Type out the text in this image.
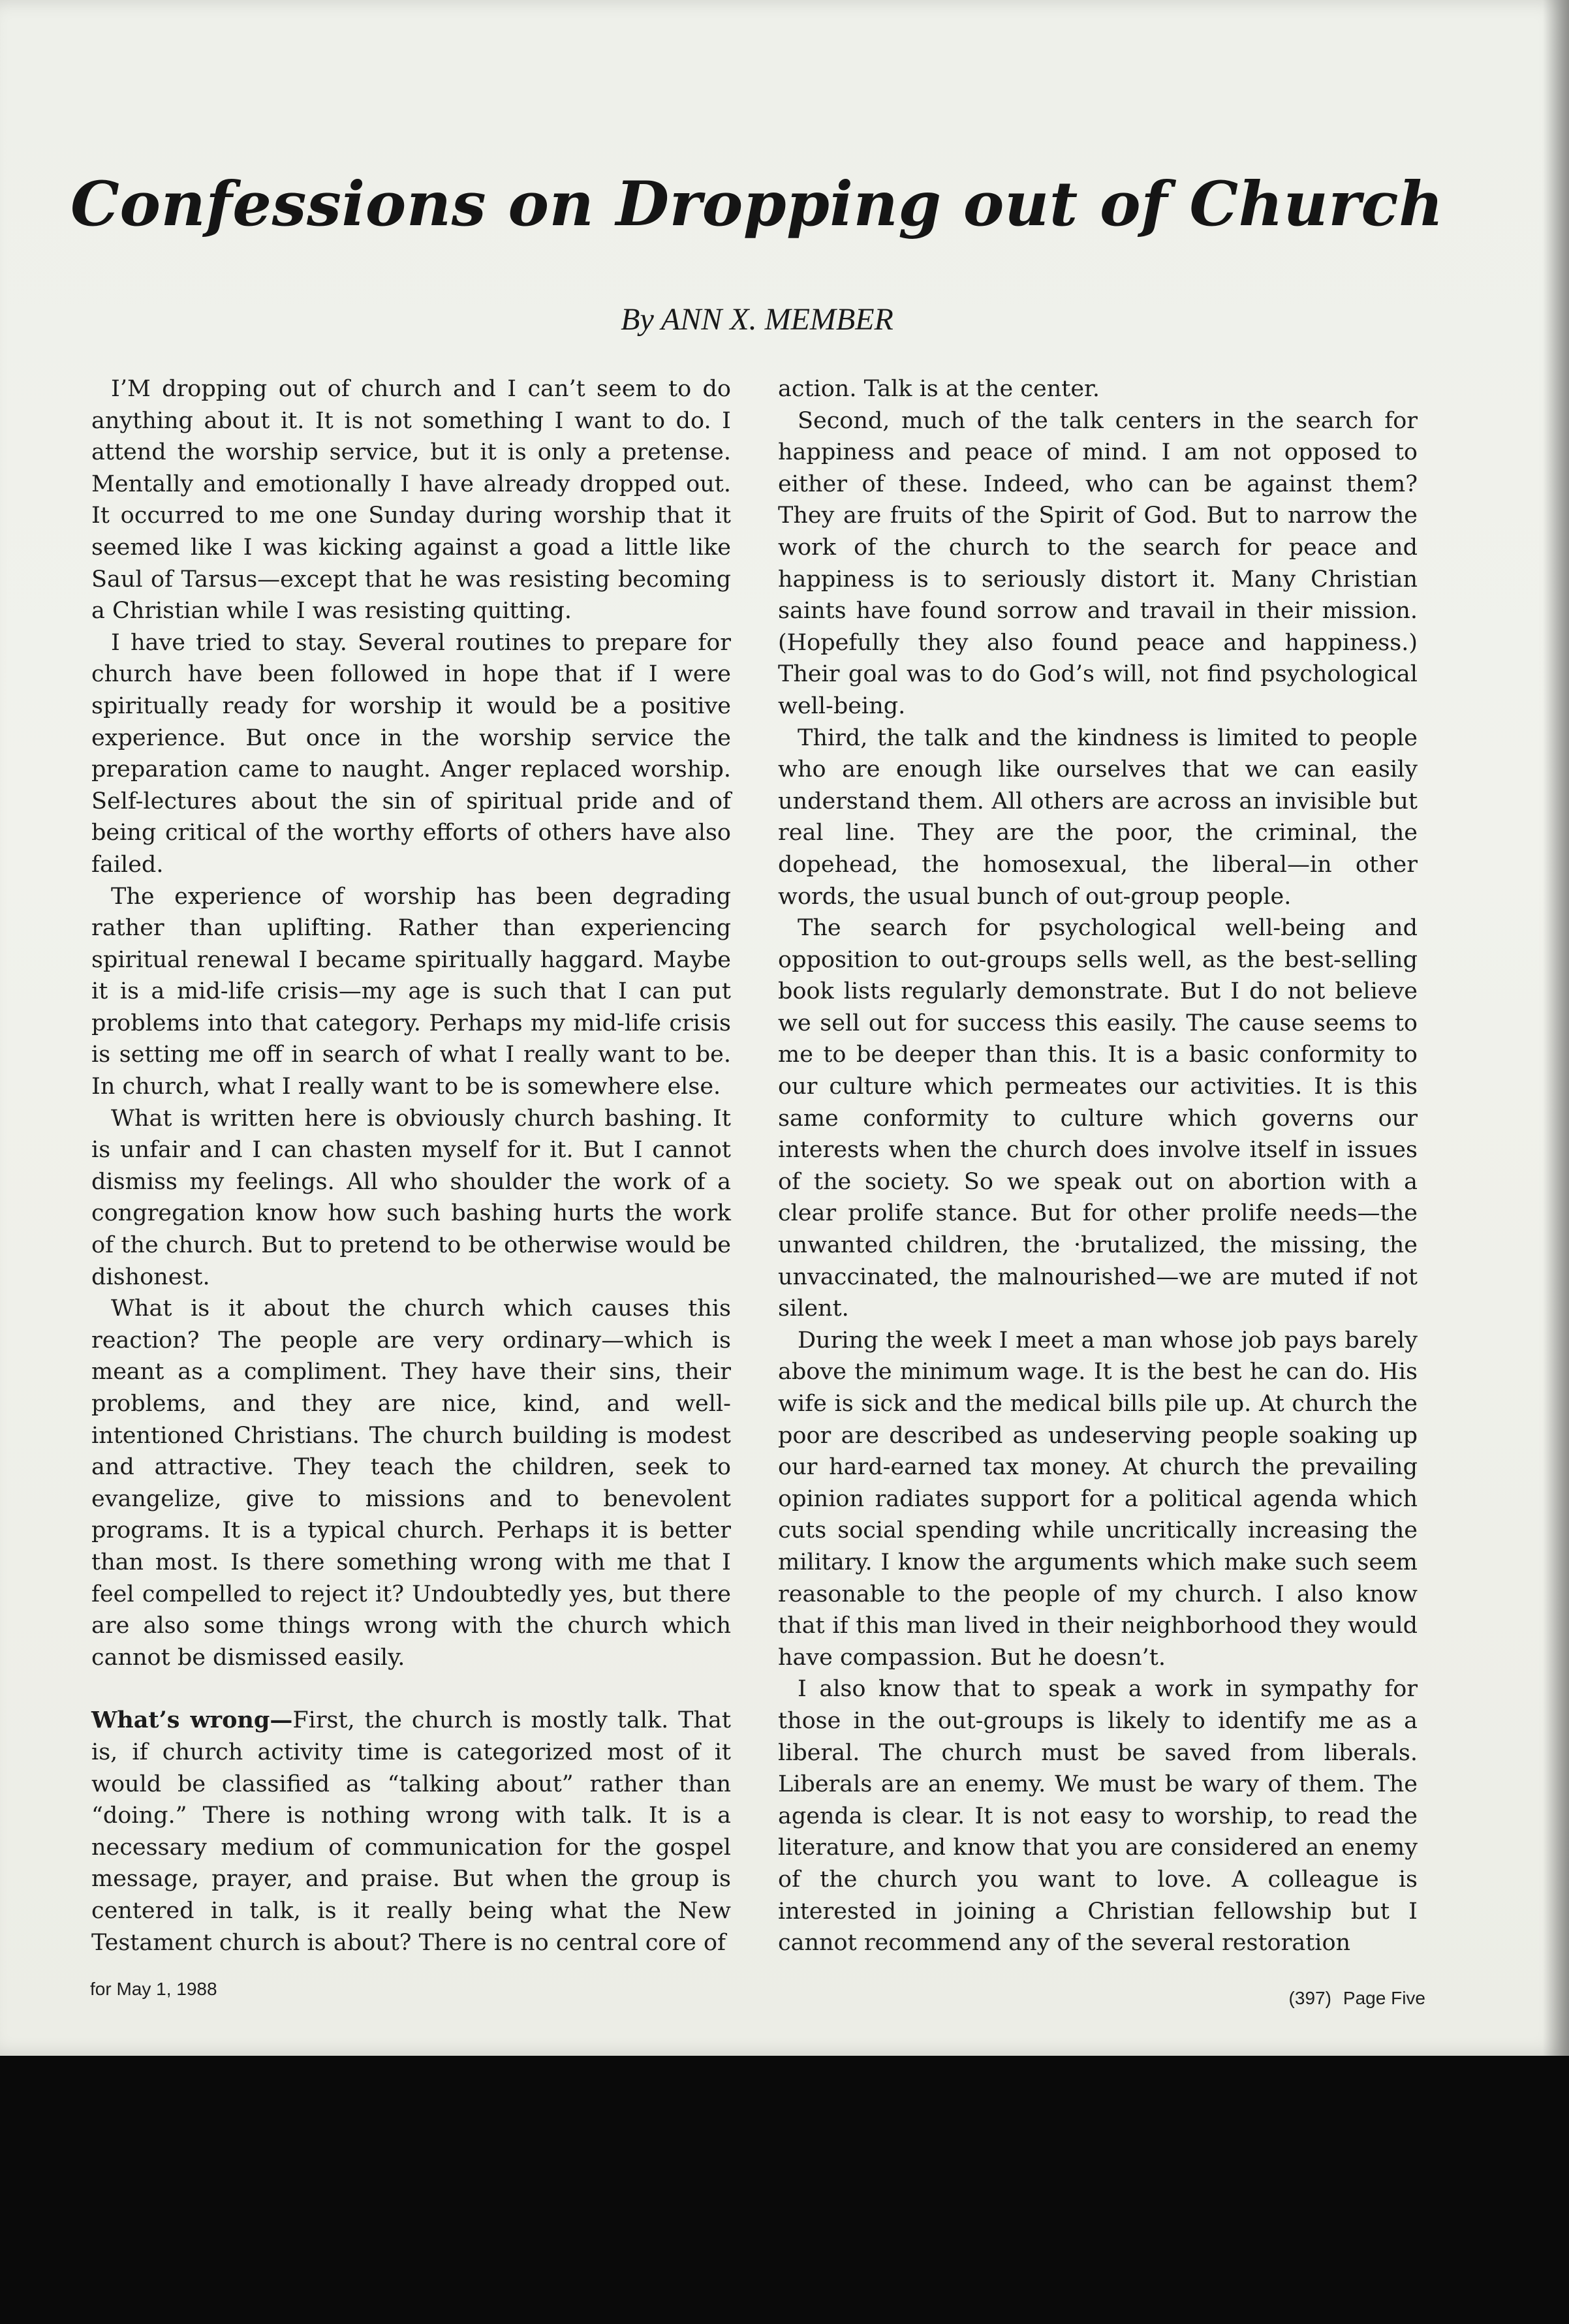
Confessions on Dropping out of Church
By ANN X. MEMBER

I’M dropping out of church and I can’t seem to do anything about it. It is not something I want to do. I attend the worship service, but it is only a pretense. Mentally and emotionally I have already dropped out. It occurred to me one Sunday during worship that it seemed like I was kicking against a goad a little like Saul of Tarsus—except that he was resisting becoming a Christian while I was resisting quitting.

I have tried to stay. Several routines to prepare for church have been followed in hope that if I were spiritually ready for worship it would be a positive experience. But once in the worship service the preparation came to naught. Anger replaced worship. Self-lectures about the sin of spiritual pride and of being critical of the worthy efforts of others have also failed.

The experience of worship has been degrading rather than uplifting. Rather than experiencing spiritual renewal I became spiritually haggard. Maybe it is a mid-life crisis—my age is such that I can put problems into that category. Perhaps my mid-life crisis is setting me off in search of what I really want to be. In church, what I really want to be is somewhere else.

What is written here is obviously church bashing. It is unfair and I can chasten myself for it. But I cannot dismiss my feelings. All who shoulder the work of a congregation know how such bashing hurts the work of the church. But to pretend to be otherwise would be dishonest.

What is it about the church which causes this reaction? The people are very ordinary—which is meant as a compliment. They have their sins, their problems, and they are nice, kind, and well-intentioned Christians. The church building is modest and attractive. They teach the children, seek to evangelize, give to missions and to benevolent programs. It is a typical church. Perhaps it is better than most. Is there something wrong with me that I feel compelled to reject it? Undoubtedly yes, but there are also some things wrong with the church which cannot be dismissed easily.

What’s wrong—First, the church is mostly talk. That is, if church activity time is categorized most of it would be classified as “talking about” rather than “doing.” There is nothing wrong with talk. It is a necessary medium of communication for the gospel message, prayer, and praise. But when the group is centered in talk, is it really being what the New Testament church is about? There is no central core of

action. Talk is at the center.

Second, much of the talk centers in the search for happiness and peace of mind. I am not opposed to either of these. Indeed, who can be against them? They are fruits of the Spirit of God. But to narrow the work of the church to the search for peace and happiness is to seriously distort it. Many Christian saints have found sorrow and travail in their mission. (Hopefully they also found peace and happiness.) Their goal was to do God’s will, not find psychological well-being.

Third, the talk and the kindness is limited to people who are enough like ourselves that we can easily understand them. All others are across an invisible but real line. They are the poor, the criminal, the dopehead, the homosexual, the liberal—in other words, the usual bunch of out-group people.

The search for psychological well-being and opposition to out-groups sells well, as the best-selling book lists regularly demonstrate. But I do not believe we sell out for success this easily. The cause seems to me to be deeper than this. It is a basic conformity to our culture which permeates our activities. It is this same conformity to culture which governs our interests when the church does involve itself in issues of the society. So we speak out on abortion with a clear prolife stance. But for other prolife needs—the unwanted children, the ·brutalized, the missing, the unvaccinated, the malnourished—we are muted if not silent.

During the week I meet a man whose job pays barely above the minimum wage. It is the best he can do. His wife is sick and the medical bills pile up. At church the poor are described as undeserving people soaking up our hard-earned tax money. At church the prevailing opinion radiates support for a political agenda which cuts social spending while uncritically increasing the military. I know the arguments which make such seem reasonable to the people of my church. I also know that if this man lived in their neighborhood they would have compassion. But he doesn’t.

I also know that to speak a work in sympathy for those in the out-groups is likely to identify me as a liberal. The church must be saved from liberals. Liberals are an enemy. We must be wary of them. The agenda is clear. It is not easy to worship, to read the literature, and know that you are considered an enemy of the church you want to love. A colleague is interested in joining a Christian fellowship but I cannot recommend any of the several restoration

for May 1, 1988	(397) Page Five
